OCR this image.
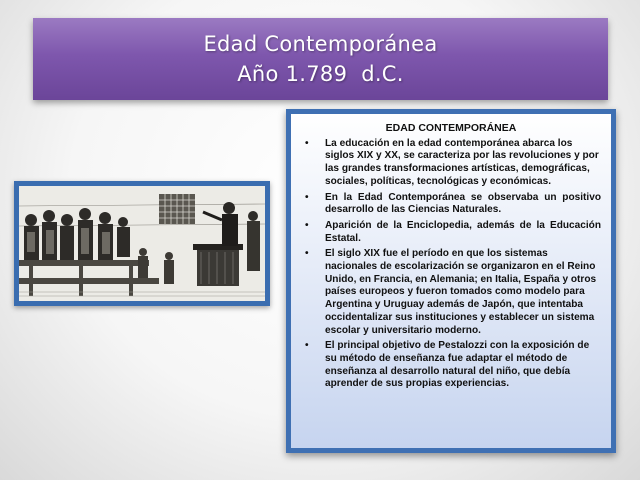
Edad Contemporánea
Año 1.789  d.C.
EDAD CONTEMPORÁNEA
• La educación en la edad contemporánea abarca los siglos XIX y XX, se caracteriza por las revoluciones y por las grandes transformaciones artísticas, demográficas, sociales, políticas, tecnológicas y económicas.
• En la Edad Contemporánea se observaba un positivo desarrollo de las Ciencias Naturales.
• Aparición de la Enciclopedia, además de la Educación Estatal.
• El siglo XIX fue el período en que los sistemas nacionales de escolarización se organizaron en el Reino Unido, en Francia, en Alemania; en Italia, España y otros países europeos y fueron tomados como modelo para Argentina y Uruguay además de Japón, que intentaba occidentalizar sus instituciones y establecer un sistema escolar y universitario moderno.
• El principal objetivo de Pestalozzi con la exposición de su método de enseñanza fue adaptar el método de enseñanza al desarrollo natural del niño, que debía aprender de sus propias experiencias.
